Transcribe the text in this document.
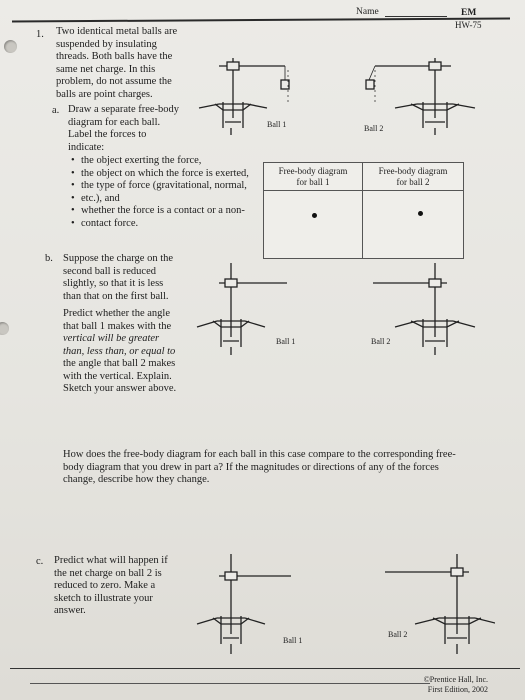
Name	EM
HW-75
1. Two identical metal balls are
suspended by insulating
threads. Both balls have the
same net charge. In this
problem, do not assume the
balls are point charges.
a. Draw a separate free-body
diagram for each ball.
Label the forces to
indicate:
• the object exerting the force,
• the object on which the force is exerted,
• the type of force (gravitational, normal,
• etc.), and
• whether the force is a contact or a non-
• contact force.
Ball 1	Ball 2
Free-body diagram
for ball 1
Free-body diagram
for ball 2
b. Suppose the charge on the
second ball is reduced
slightly, so that it is less
than that on the first ball.
Predict whether the angle
that ball 1 makes with the
vertical will be greater
than, less than, or equal to
the angle that ball 2 makes
with the vertical. Explain.
Sketch your answer above.
Ball 1	Ball 2
How does the free-body diagram for each ball in this case compare to the corresponding free-
body diagram that you drew in part a? If the magnitudes or directions of any of the forces
change, describe how they change.
c. Predict what will happen if
the net charge on ball 2 is
reduced to zero. Make a
sketch to illustrate your
answer.
Ball 1
Ball 2
©Prentice Hall, Inc.
First Edition, 2002
